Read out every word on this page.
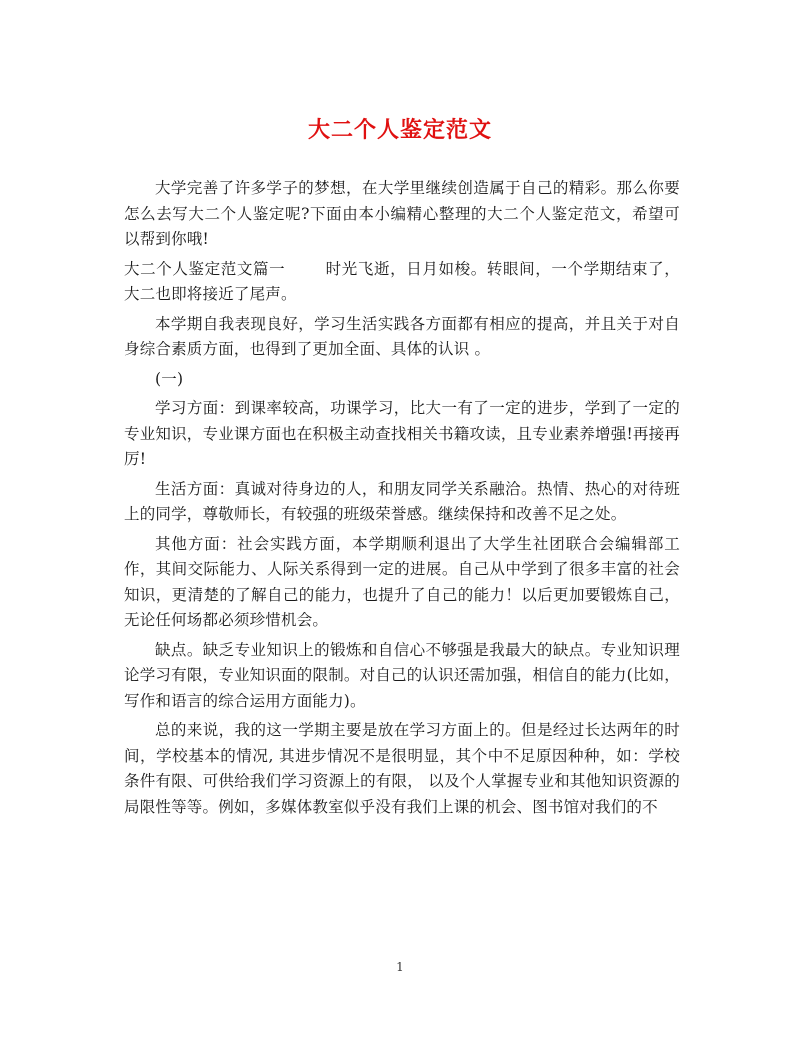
大二个人鉴定范文

大学完善了许多学子的梦想，在大学里继续创造属于自己的精彩。那么你要怎么去写大二个人鉴定呢?下面由本小编精心整理的大二个人鉴定范文，希望可以帮到你哦!

大二个人鉴定范文篇一	时光飞逝，日月如梭。转眼间，一个学期结束了，大二也即将接近了尾声。

本学期自我表现良好，学习生活实践各方面都有相应的提高，并且关于对自身综合素质方面，也得到了更加全面、具体的认识 。

(一)

学习方面：到课率较高，功课学习，比大一有了一定的进步，学到了一定的专业知识，专业课方面也在积极主动查找相关书籍攻读，且专业素养增强!再接再厉!

生活方面：真诚对待身边的人，和朋友同学关系融洽。热情、热心的对待班上的同学，尊敬师长，有较强的班级荣誉感。继续保持和改善不足之处。

其他方面：社会实践方面，本学期顺利退出了大学生社团联合会编辑部工作，其间交际能力、人际关系得到一定的进展。自己从中学到了很多丰富的社会知识，更清楚的了解自己的能力，也提升了自己的能力！以后更加要锻炼自己，无论任何场都必须珍惜机会。

缺点。缺乏专业知识上的锻炼和自信心不够强是我最大的缺点。专业知识理论学习有限，专业知识面的限制。对自己的认识还需加强，相信自的能力(比如，写作和语言的综合运用方面能力)。

总的来说，我的这一学期主要是放在学习方面上的。但是经过长达两年的时间，学校基本的情况, 其进步情况不是很明显，其个中不足原因种种，如：学校条件有限、可供给我们学习资源上的有限， 以及个人掌握专业和其他知识资源的局限性等等。例如，多媒体教室似乎没有我们上课的机会、图书馆对我们的不

1
